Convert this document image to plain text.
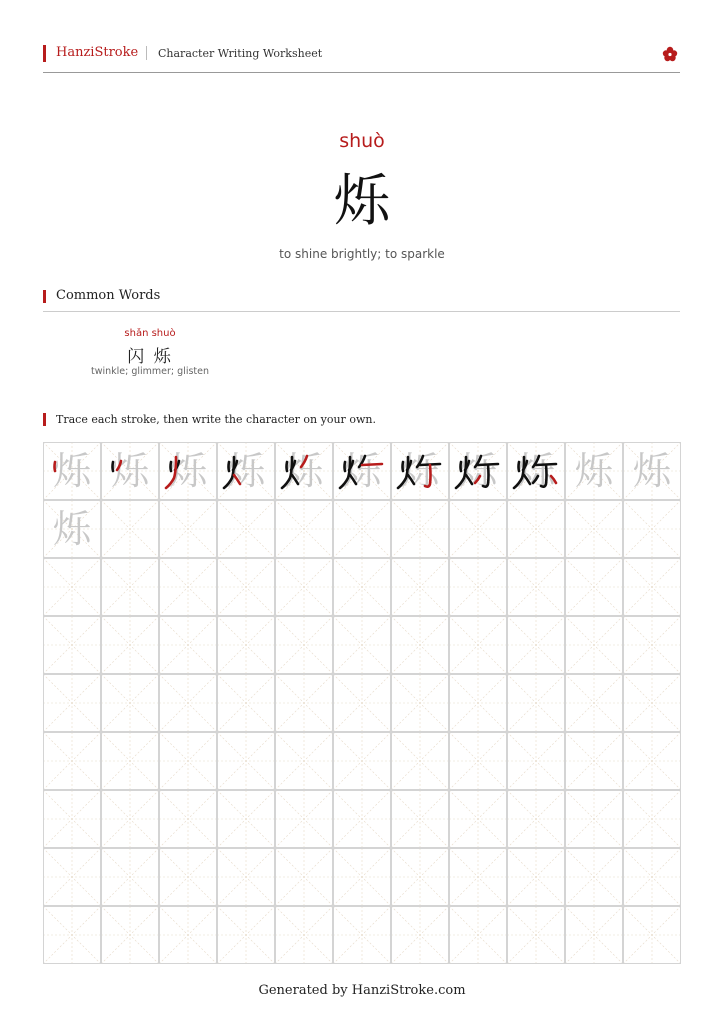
HanziStroke Character Writing Worksheet
shuò
烁
to shine brightly; to sparkle
Common Words
shǎn shuò
闪 烁
twinkle; glimmer; glisten
Trace each stroke, then write the character on your own.
烁 烁 烁 烁 烁 烁 烁 烁 烁 烁 烁
烁
Generated by HanziStroke.com
